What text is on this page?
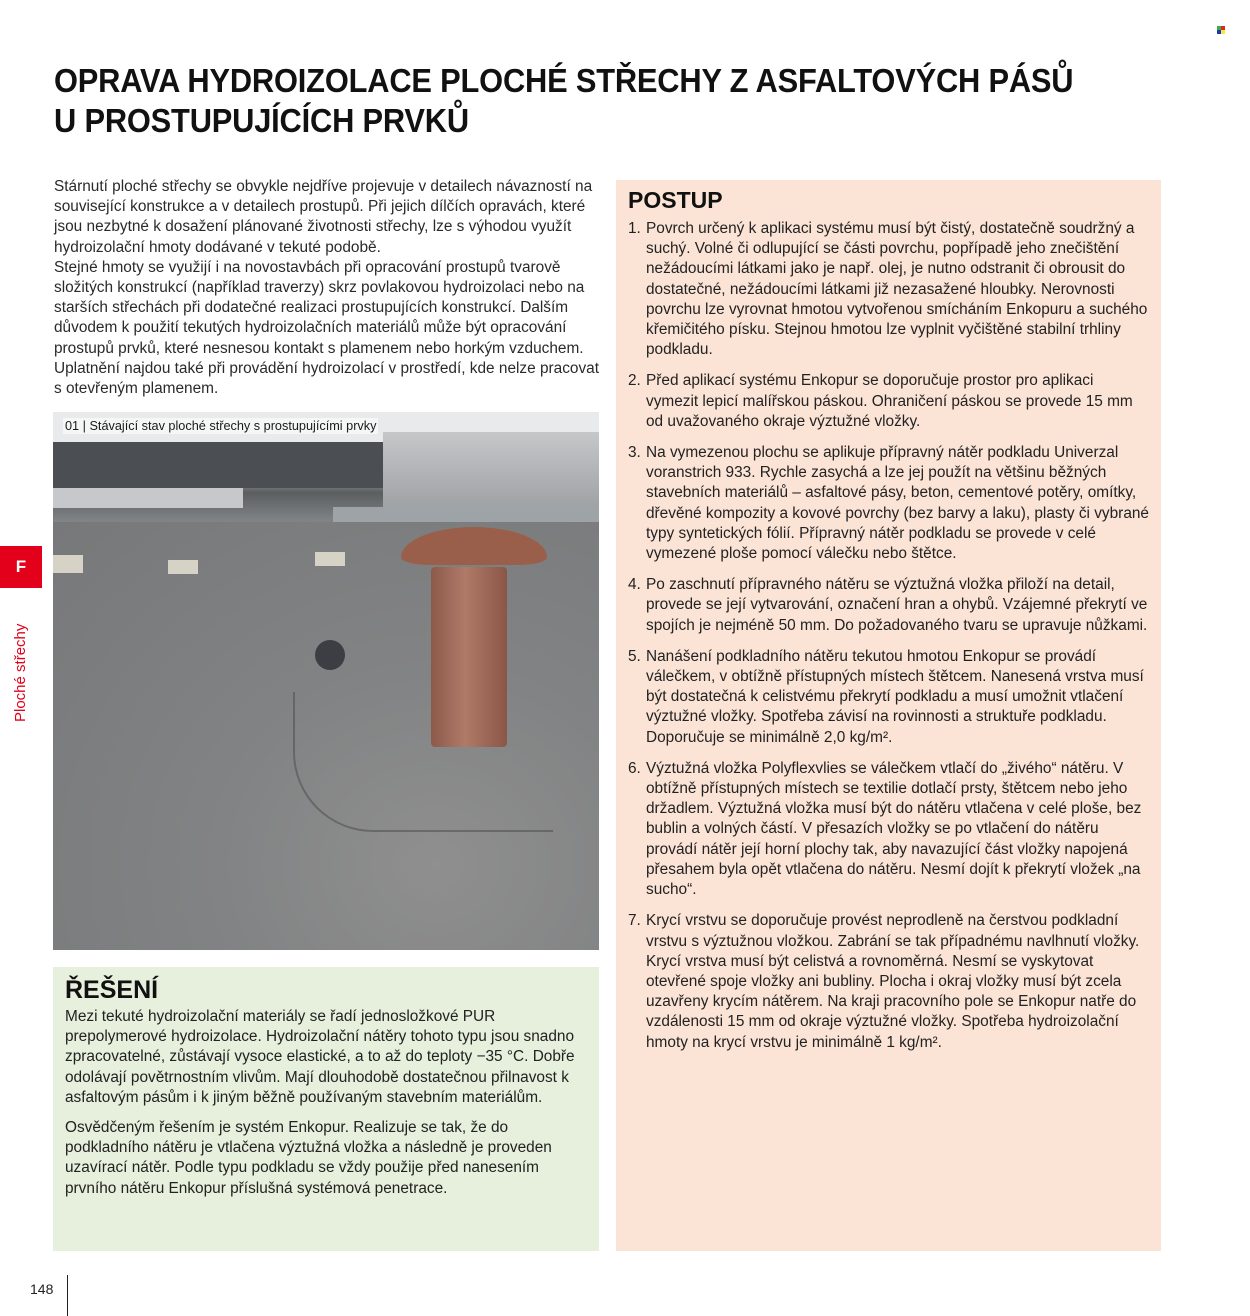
OPRAVA HYDROIZOLACE PLOCHÉ STŘECHY Z ASFALTOVÝCH PÁSŮ
U PROSTUPUJÍCÍCH PRVKŮ

Stárnutí ploché střechy se obvykle nejdříve projevuje v detailech návazností na související konstrukce a v detailech prostupů. Při jejich dílčích opravách, které jsou nezbytné k dosažení plánované životnosti střechy, lze s výhodou využít hydroizolační hmoty dodávané v tekuté podobě.

Stejné hmoty se využijí i na novostavbách při opracování prostupů tvarově složitých konstrukcí (například traverzy) skrz povlakovou hydroizolaci nebo na starších střechách při dodatečné realizaci prostupujících konstrukcí. Dalším důvodem k použití tekutých hydroizolačních materiálů může být opracování prostupů prvků, které nesnesou kontakt s plamenem nebo horkým vzduchem. Uplatnění najdou také při provádění hydroizolací v prostředí, kde nelze pracovat s otevřeným plamenem.

01 | Stávající stav ploché střechy s prostupujícími prvky
F
Ploché střechy
ŘEŠENÍ

Mezi tekuté hydroizolační materiály se řadí jednosložkové PUR prepolymerové hydroizolace. Hydroizolační nátěry tohoto typu jsou snadno zpracovatelné, zůstávají vysoce elastické, a to až do teploty −35 °C. Dobře odolávají povětrnostním vlivům. Mají dlouhodobě dostatečnou přilnavost k asfaltovým pásům i k jiným běžně používaným stavebním materiálům.

Osvědčeným řešením je systém Enkopur. Realizuje se tak, že do podkladního nátěru je vtlačena výztužná vložka a následně je proveden uzavírací nátěr. Podle typu podkladu se vždy použije před nanesením prvního nátěru Enkopur příslušná systémová penetrace.

POSTUP
1. Povrch určený k aplikaci systému musí být čistý, dostatečně soudržný a suchý. Volné či odlupující se části povrchu, popřípadě jeho znečištění nežádoucími látkami jako je např. olej, je nutno odstranit či obrousit do dostatečné, nežádoucími látkami již nezasažené hloubky. Nerovnosti povrchu lze vyrovnat hmotou vytvořenou smícháním Enkopuru a suchého křemičitého písku. Stejnou hmotou lze vyplnit vyčištěné stabilní trhliny podkladu.
2. Před aplikací systému Enkopur se doporučuje prostor pro aplikaci vymezit lepicí malířskou páskou. Ohraničení páskou se provede 15 mm od uvažovaného okraje výztužné vložky.
3. Na vymezenou plochu se aplikuje přípravný nátěr podkladu Univerzal voranstrich 933. Rychle zasychá a lze jej použít na většinu běžných stavebních materiálů – asfaltové pásy, beton, cementové potěry, omítky, dřevěné kompozity a kovové povrchy (bez barvy a laku), plasty či vybrané typy syntetických fólií. Přípravný nátěr podkladu se provede v celé vymezené ploše pomocí válečku nebo štětce.
4. Po zaschnutí přípravného nátěru se výztužná vložka přiloží na detail, provede se její vytvarování, označení hran a ohybů. Vzájemné překrytí ve spojích je nejméně 50 mm. Do požadovaného tvaru se upravuje nůžkami.
5. Nanášení podkladního nátěru tekutou hmotou Enkopur se provádí válečkem, v obtížně přístupných místech štětcem. Nanesená vrstva musí být dostatečná k celistvému překrytí podkladu a musí umožnit vtlačení výztužné vložky. Spotřeba závisí na rovinnosti a struktuře podkladu. Doporučuje se minimálně 2,0 kg/m².
6. Výztužná vložka Polyflexvlies se válečkem vtlačí do „živého“ nátěru. V obtížně přístupných místech se textilie dotlačí prsty, štětcem nebo jeho držadlem. Výztužná vložka musí být do nátěru vtlačena v celé ploše, bez bublin a volných částí. V přesazích vložky se po vtlačení do nátěru provádí nátěr její horní plochy tak, aby navazující část vložky napojená přesahem byla opět vtlačena do nátěru. Nesmí dojít k překrytí vložek „na sucho“.
7. Krycí vrstvu se doporučuje provést neprodleně na čerstvou podkladní vrstvu s výztužnou vložkou. Zabrání se tak případnému navlhnutí vložky. Krycí vrstva musí být celistvá a rovnoměrná. Nesmí se vyskytovat otevřené spoje vložky ani bubliny. Plocha i okraj vložky musí být zcela uzavřeny krycím nátěrem. Na kraji pracovního pole se Enkopur natře do vzdálenosti 15 mm od okraje výztužné vložky. Spotřeba hydroizolační hmoty na krycí vrstvu je minimálně 1 kg/m².
148
